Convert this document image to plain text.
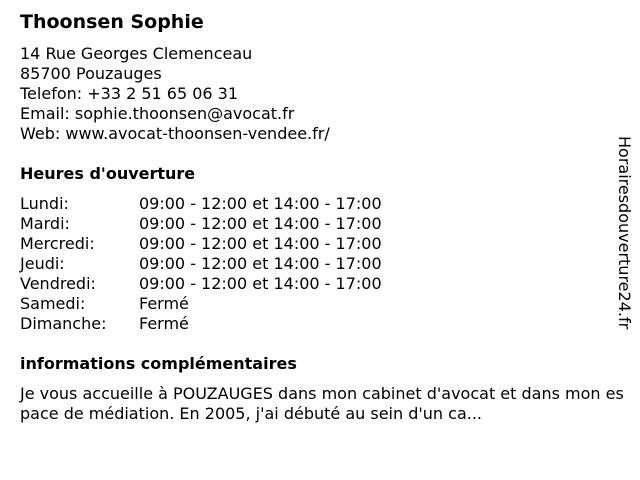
Thoonsen Sophie
14 Rue Georges Clemenceau
85700 Pouzauges
Telefon: +33 2 51 65 06 31
Email: sophie.thoonsen@avocat.fr
Web: www.avocat-thoonsen-vendee.fr/
Heures d'ouverture
Lundi:	09:00 - 12:00 et 14:00 - 17:00
Mardi:	09:00 - 12:00 et 14:00 - 17:00
Mercredi:	09:00 - 12:00 et 14:00 - 17:00
Jeudi:	09:00 - 12:00 et 14:00 - 17:00
Vendredi:	09:00 - 12:00 et 14:00 - 17:00
Samedi:	Fermé
Dimanche: Fermé
informations complémentaires
Je vous accueille à POUZAUGES dans mon cabinet d'avocat et dans mon espace de médiation. En 2005, j'ai débuté au sein d'un ca...
Horairesdouverture24.fr
